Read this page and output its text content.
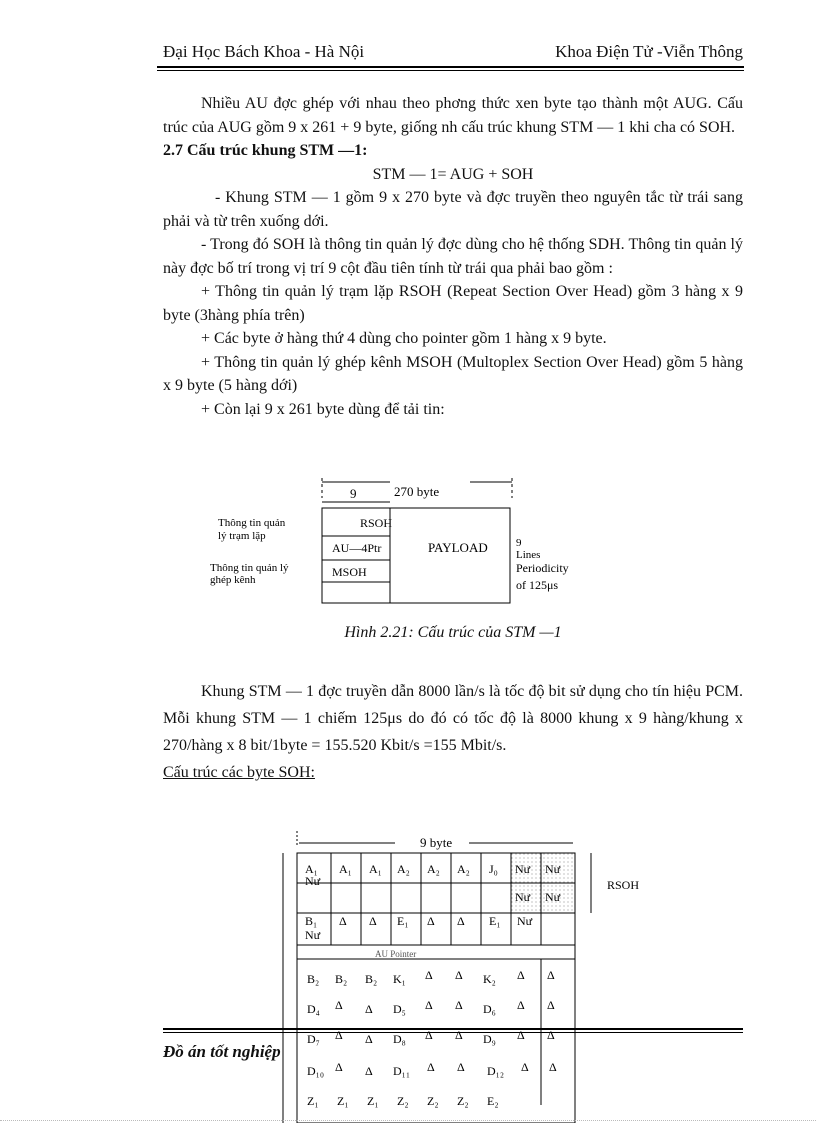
Đại Học Bách Khoa - Hà Nội	Khoa Điện Tử -Viễn Thông

Nhiều AU đợc ghép với nhau theo phơng thức xen byte tạo thành một AUG. Cấu trúc của AUG gồm 9 x 261 + 9 byte, giống nh cấu trúc khung STM — 1 khi cha có SOH.

2.7 Cấu trúc khung STM —1:

STM — 1= AUG + SOH

- Khung STM — 1 gồm 9 x 270 byte và đợc truyền theo nguyên tắc từ trái sang phải và từ trên xuống dới.

- Trong đó SOH là thông tin quản lý đợc dùng cho hệ thống SDH. Thông tin quản lý này đợc bố trí trong vị trí 9 cột đầu tiên tính từ trái qua phải bao gồm :

+ Thông tin quản lý trạm lặp RSOH (Repeat Section Over Head) gồm 3 hàng x 9 byte (3hàng phía trên)

+ Các byte ở hàng thứ 4 dùng cho pointer gồm 1 hàng x 9 byte.

+ Thông tin quản lý ghép kênh MSOH (Multoplex Section Over Head) gồm 5 hàng x 9 byte (5 hàng dới)

+ Còn lại 9 x 261 byte dùng để tải tin:

9	270 byte
RSOH
AU—4Ptr
MSOH
PAYLOAD
Thông tin quản
lý trạm lặp
Thông tin quản lý
ghép kênh
9
Lines
Periodicity
of 125μs
Hình 2.21: Cấu trúc của STM —1

Khung STM — 1 đợc truyền dẫn 8000 lần/s là tốc độ bit sử dụng cho tín hiệu PCM. Mỗi khung STM — 1 chiếm 125μs do đó có tốc độ là 8000 khung x 9 hàng/khung x 270/hàng x 8 bit/1byte = 155.520 Kbit/s =155 Mbit/s.

Cấu trúc các byte SOH:

9 byte
RSOH
A₁ A₁ A₁ A₂ A₂ A₂ J₀ Nư Nư
Nư
Nư Nư
B₁ Δ Δ E₁ Δ Δ E₁ Nư
Nư
AU Pointer
B₂ B₂ B₂ K₁ Δ Δ K₂ Δ Δ
D₄ Δ Δ D₅ Δ Δ D₆ Δ Δ
D₇ Δ Δ D₈ Δ Δ D₉ Δ Δ
D₁₀ Δ Δ D₁₁ Δ Δ D₁₂ Δ Δ
Z₁ Z₁ Z₁ Z₂ Z₂ Z₂ E₂
Đồ án tốt nghiệp
